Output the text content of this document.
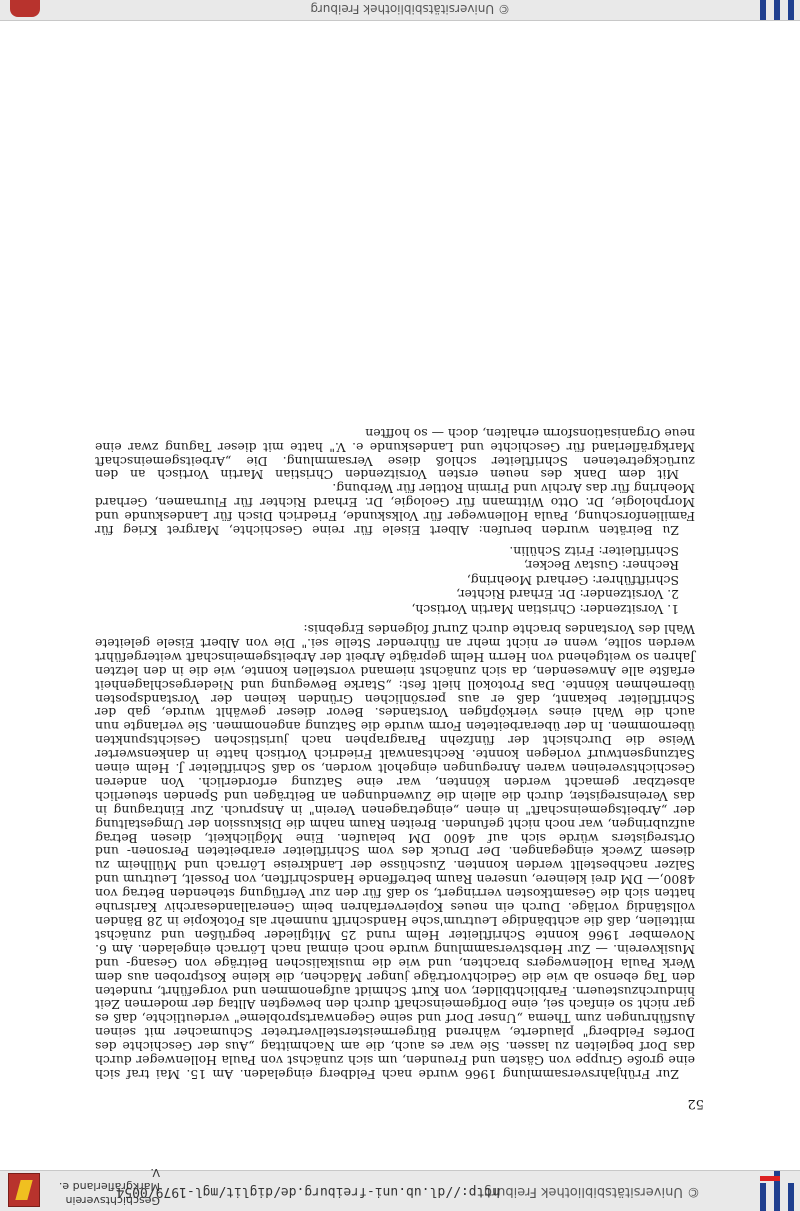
© Universitätsbibliothek Freiburg
http://dl.ub.uni-freiburg.de/diglit/mgl-1979/0054
Geschichtsverein
Markgräflerland e. V.
52

Zur Frühjahrsversammlung 1966 wurde nach Feldberg eingeladen. Am 15. Mai traf sich eine große Gruppe von Gästen und Freunden, um sich zunächst von Paula Hollenweger durch das Dorf begleiten zu lassen. Sie war es auch, die am Nachmittag „Aus der Geschichte des Dorfes Feldberg" plauderte, während Bürgermeisterstellvertreter Schumacher mit seinen Ausführungen zum Thema „Unser Dorf und seine Gegenwartsprobleme" verdeutlichte, daß es gar nicht so einfach sei, eine Dorfgemeinschaft durch den bewegten Alltag der modernen Zeit hindurchzusteuern. Farblichtbilder, von Kurt Schmidt aufgenommen und vorgeführt, rundeten den Tag ebenso ab wie die Gedichtvorträge junger Mädchen, die kleine Kostproben aus dem Werk Paula Hollenwegers brachten, und wie die musikalischen Beiträge von Gesang- und Musikverein. — Zur Herbstversammlung wurde noch einmal nach Lörrach eingeladen. Am 6. November 1966 konnte Schriftleiter Helm rund 25 Mitglieder begrüßen und zunächst mitteilen, daß die achtbändige Leutrum'sche Handschrift nunmehr als Fotokopie in 28 Bänden vollständig vorläge. Durch ein neues Kopierverfahren beim Generallandesarchiv Karlsruhe hatten sich die Gesamtkosten verringert, so daß für den zur Verfügung stehenden Betrag von 4800,— DM drei kleinere, unseren Raum betreffende Handschriften, von Posselt, Leutrum und Salzer nachbestellt werden konnten. Zuschüsse der Landkreise Lörrach und Müllheim zu diesem Zweck eingegangen. Der Druck des vom Schriftleiter erarbeiteten Personen- und Ortsregisters würde sich auf 4600 DM belaufen. Eine Möglichkeit, diesen Betrag aufzubringen, war noch nicht gefunden. Breiten Raum nahm die Diskussion der Umgestaltung der „Arbeitsgemeinschaft" in einen „eingetragenen Verein" in Anspruch. Zur Eintragung in das Vereinsregister, durch die allein die Zuwendungen an Beiträgen und Spenden steuerlich absetzbar gemacht werden könnten, war eine Satzung erforderlich. Von anderen Geschichtsvereinen waren Anregungen eingeholt worden, so daß Schriftleiter J. Helm einen Satzungsentwurf vorlegen konnte. Rechtsanwalt Friedrich Vortisch hatte in dankenswerter Weise die Durchsicht der fünfzehn Paragraphen nach juristischen Gesichtspunkten übernommen. In der überarbeiteten Form wurde die Satzung angenommen. Sie verlangte nun auch die Wahl eines vierköpfigen Vorstandes. Bevor dieser gewählt wurde, gab der Schriftleiter bekannt, daß er aus persönlichen Gründen keinen der Vorstandsposten übernehmen könnte. Das Protokoll hielt fest: „Starke Bewegung und Niedergeschlagenheit erfaßte alle Anwesenden, da sich zunächst niemand vorstellen konnte, wie die in den letzten Jahren so weitgehend von Herrn Helm geprägte Arbeit der Arbeitsgemeinschaft weitergeführt werden sollte, wenn er nicht mehr an führender Stelle sei." Die von Albert Eisele geleitete Wahl des Vorstandes brachte durch Zuruf folgendes Ergebnis:

1. Vorsitzender: Christian Martin Vortisch,
2. Vorsitzender: Dr. Erhard Richter,
Schriftführer: Gerhard Moehring,
Rechner: Gustav Becker,
Schriftleiter: Fritz Schülin.

Zu Beiräten wurden berufen: Albert Eisele für reine Geschichte, Margret Krieg für Familienforschung, Paula Hollenweger für Volkskunde, Friedrich Disch für Landeskunde und Morphologie, Dr. Otto Wittmann für Geologie, Dr. Erhard Richter für Flurnamen, Gerhard Moehring für das Archiv und Pirmin Rottler für Werbung.

Mit dem Dank des neuen ersten Vorsitzenden Christian Martin Vortisch an den zurückgetretenen Schriftleiter schloß diese Versammlung. Die „Arbeitsgemeinschaft Markgräflerland für Geschichte und Landeskunde e. V." hatte mit dieser Tagung zwar eine neue Organisationsform erhalten, doch — so hofften

© Universitätsbibliothek Freiburg
